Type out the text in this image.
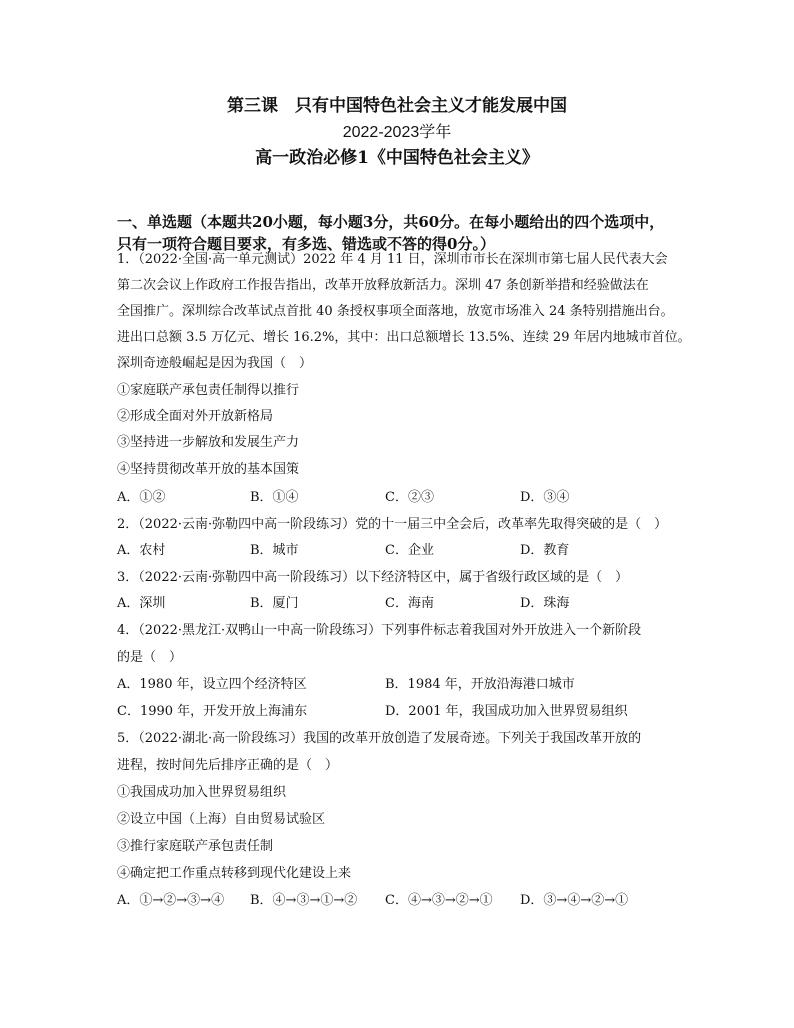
第三课　只有中国特色社会主义才能发展中国
2022-2023学年
高一政治必修1《中国特色社会主义》
一、单选题（本题共20小题，每小题3分，共60分。在每小题给出的四个选项中，
只有一项符合题目要求，有多选、错选或不答的得0分。）
1．（2022·全国·高一单元测试）2022 年 4 月 11 日，深圳市市长在深圳市第七届人民代表大会
第二次会议上作政府工作报告指出，改革开放释放新活力。深圳 47 条创新举措和经验做法在
全国推广。深圳综合改革试点首批 40 条授权事项全面落地，放宽市场准入 24 条特别措施出台。
进出口总额 3.5 万亿元、增长 16.2%，其中：出口总额增长 13.5%、连续 29 年居内地城市首位。
深圳奇迹般崛起是因为我国（　）
①家庭联产承包责任制得以推行
②形成全面对外开放新格局
③坚持进一步解放和发展生产力
④坚持贯彻改革开放的基本国策
A．①②	B．①④	C．②③	D．③④
2．（2022·云南·弥勒四中高一阶段练习）党的十一届三中全会后，改革率先取得突破的是（　）
A．农村	B．城市	C．企业	D．教育
3．（2022·云南·弥勒四中高一阶段练习）以下经济特区中，属于省级行政区域的是（　）
A．深圳	B．厦门	C．海南	D．珠海
4．（2022·黑龙江·双鸭山一中高一阶段练习）下列事件标志着我国对外开放进入一个新阶段
的是（　）
A．1980 年，设立四个经济特区	B．1984 年，开放沿海港口城市
C．1990 年，开发开放上海浦东	D．2001 年，我国成功加入世界贸易组织
5．（2022·湖北·高一阶段练习）我国的改革开放创造了发展奇迹。下列关于我国改革开放的
进程，按时间先后排序正确的是（　）
①我国成功加入世界贸易组织
②设立中国（上海）自由贸易试验区
③推行家庭联产承包责任制
④确定把工作重点转移到现代化建设上来
A．①→②→③→④ B．④→③→①→② C．④→③→②→① D．③→④→②→①
